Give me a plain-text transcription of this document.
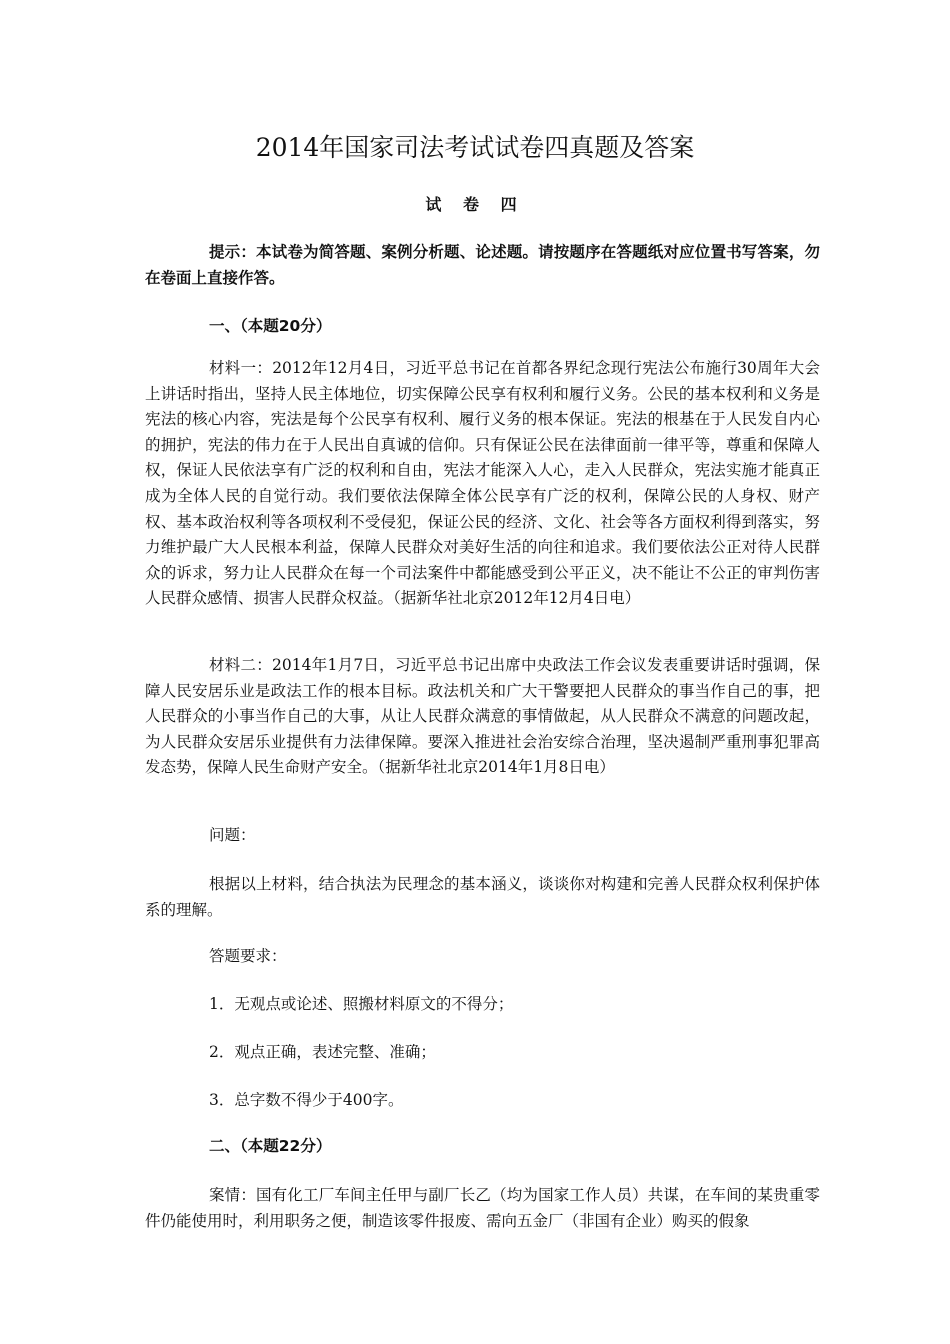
2014年国家司法考试试卷四真题及答案
试 卷 四
提示：本试卷为简答题、案例分析题、论述题。请按题序在答题纸对应位置书写答案，勿在卷面上直接作答。
一、（本题20分）
材料一：2012年12月4日，习近平总书记在首都各界纪念现行宪法公布施行30周年大会上讲话时指出，坚持人民主体地位，切实保障公民享有权利和履行义务。公民的基本权利和义务是宪法的核心内容，宪法是每个公民享有权利、履行义务的根本保证。宪法的根基在于人民发自内心的拥护，宪法的伟力在于人民出自真诚的信仰。只有保证公民在法律面前一律平等，尊重和保障人权，保证人民依法享有广泛的权利和自由，宪法才能深入人心，走入人民群众，宪法实施才能真正成为全体人民的自觉行动。我们要依法保障全体公民享有广泛的权利，保障公民的人身权、财产权、基本政治权利等各项权利不受侵犯，保证公民的经济、文化、社会等各方面权利得到落实，努力维护最广大人民根本利益，保障人民群众对美好生活的向往和追求。我们要依法公正对待人民群众的诉求，努力让人民群众在每一个司法案件中都能感受到公平正义，决不能让不公正的审判伤害人民群众感情、损害人民群众权益。（据新华社北京2012年12月4日电）
材料二：2014年1月7日，习近平总书记出席中央政法工作会议发表重要讲话时强调，保障人民安居乐业是政法工作的根本目标。政法机关和广大干警要把人民群众的事当作自己的事，把人民群众的小事当作自己的大事，从让人民群众满意的事情做起，从人民群众不满意的问题改起，为人民群众安居乐业提供有力法律保障。要深入推进社会治安综合治理，坚决遏制严重刑事犯罪高发态势，保障人民生命财产安全。（据新华社北京2014年1月8日电）
问题：
根据以上材料，结合执法为民理念的基本涵义，谈谈你对构建和完善人民群众权利保护体系的理解。
答题要求：
1．无观点或论述、照搬材料原文的不得分；
2．观点正确，表述完整、准确；
3．总字数不得少于400字。
二、（本题22分）
案情：国有化工厂车间主任甲与副厂长乙（均为国家工作人员）共谋，在车间的某贵重零件仍能使用时，利用职务之便，制造该零件报废、需向五金厂（非国有企业）购买的假象
